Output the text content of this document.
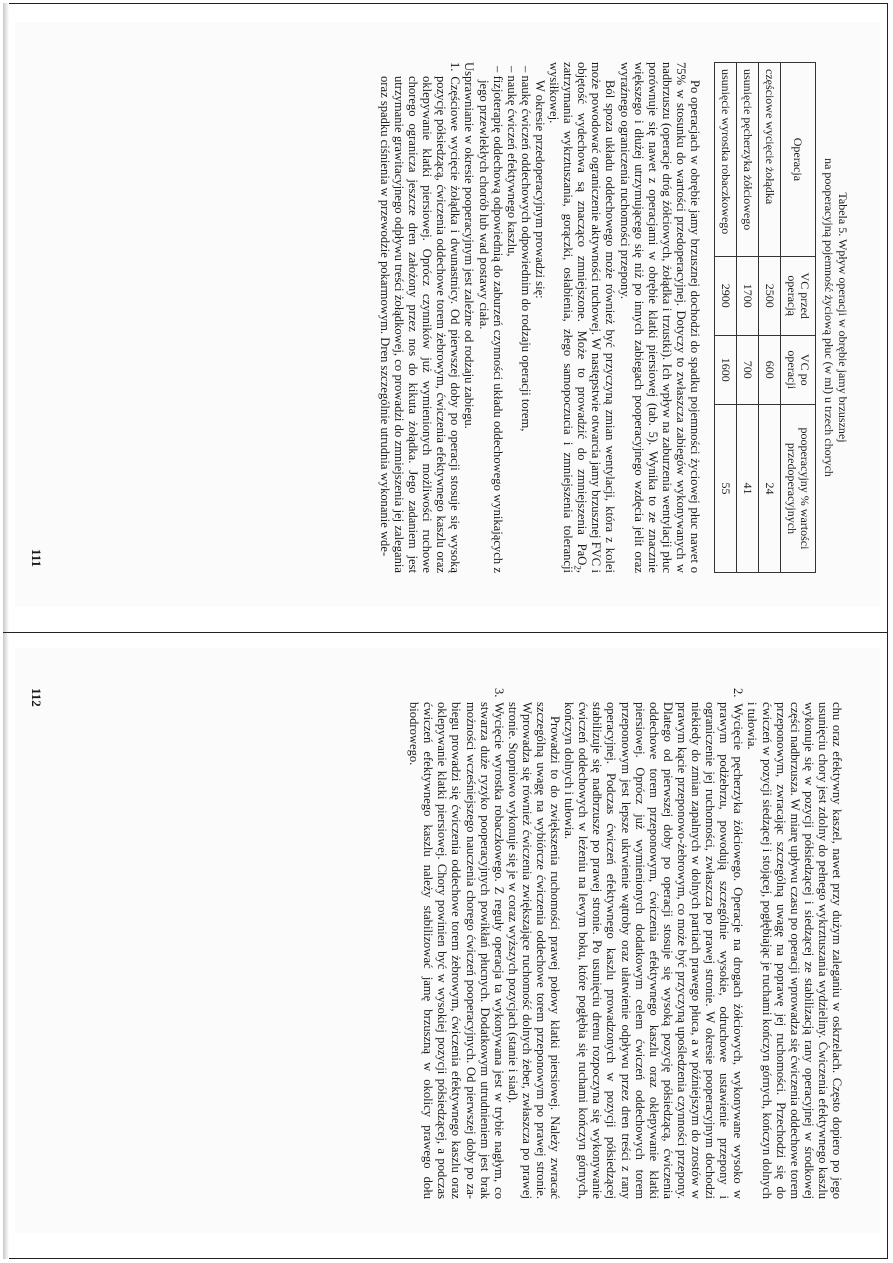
Tabela 5. Wpływ operacji w obrębie jamy brzusznej
na pooperacyjną pojemność życiową płuc (w ml) u trzech chorych

Operacja	VC przed operacją	VC po operacji	pooperacyjny % wartości przedoperacyjnych
częściowe wycięcie żołądka	2500	600	24
usunięcie pęcherzyka żółciowego	1700	700	41
usunięcie wyrostka robaczkowego	2900	1600	55

Po operacjach w obrębie jamy brzusznej dochodzi do spadku pojemności życiowej płuc nawet o 75% w stosunku do wartości przedoperacyjnej. Dotyczy to zwłaszcza zabiegów wykonywanych w nadbrzuszu (operacje dróg żółciowych, żołądka i trzustki). Ich wpływ na zaburzenia wentylacji płuc porównuje się nawet z operacjami w obrębie klatki piersiowej (tab. 5). Wynika to ze znacznie większego i dłużej utrzymującego się niż po innych zabiegach pooperacyjnego wzdęcia jelit oraz wyraźnego ograniczenia ruchomości przepony.

Ból spoza układu oddechowego może również być przyczyną zmian wentylacji, która z kolei może powodować ograniczenie aktywności ruchowej. W następstwie otwarcia jamy brzusznej FVC i objętość wydechowa są znacząco zmniejszone. Może to prowadzić do zmniejszenia PaO$_2$, zatrzymania wykrztuszania, gorączki, osłabienia, złego samopoczucia i zmniejszenia tolerancji wysiłkowej.

W okresie przedoperacyjnym prowadzi się:

– naukę ćwiczeń oddechowych odpowiednim do rodzaju operacji torem,
– naukę ćwiczeń efektywnego kaszlu,
– fizjoterapię oddechową odpowiednią do zaburzeń czynności układu oddechowego wynikających z jego przewlekłych chorób lub wad postawy ciała.

Usprawnianie w okresie pooperacyjnym jest zależne od rodzaju zabiegu.

1. Częściowe wycięcie żołądka i dwunastnicy. Od pierwszej doby po operacji stosuje się wysoką pozycję półsiedzącą, ćwiczenia oddechowe torem żebrowym, ćwiczenia efektywnego kaszlu oraz oklepywanie klatki piersiowej. Oprócz czynników już wymienionych możliwości ruchowe chorego ogranicza jeszcze dren założony przez nos do kikuta żołądka. Jego zadaniem jest utrzymanie grawitacyjnego odpływu treści żołądkowej, co prowadzi do zmniejszenia jej zalegania oraz spadku ciśnienia w przewodzie pokarmowym. Dren szczególnie utrudnia wykonanie wde-
111

chu oraz efektywny kaszel, nawet przy dużym zaleganiu w oskrzelach. Często dopiero po jego usunięciu chory jest zdolny do pełnego wykrztuszania wydzieliny. Ćwiczenia efektywnego kaszlu wykonuje się w pozycji półsiedzącej i siedzącej ze stabilizacją rany operacyjnej w środkowej części nadbrzusza. W miarę upływu czasu po operacji wprowadza się ćwiczenia oddechowe torem przeponowym, zwracając szczególną uwagę na poprawę jej ruchomości. Przechodzi się do ćwiczeń w pozycji siedzącej i stojącej, pogłębiając je ruchami kończyn górnych, kończyn dolnych i tułowia.

2. Wycięcie pęcherzyka żółciowego. Operacje na drogach żółciowych, wykonywane wysoko w prawym podżebrzu, powodują szczególnie wysokie, odruchowe ustawienie przepony i ograniczenie jej ruchomości, zwłaszcza po prawej stronie. W okresie pooperacyjnym dochodzi niekiedy do zmian zapalnych w dolnych partiach prawego płuca, a w późniejszym do zrostów w prawym kącie przeponowo-żebrowym, co może być przyczyną upośledzenia czynności przepony. Dlatego od pierwszej doby po operacji stosuje się wysoką pozycję półsiedzącą, ćwiczenia oddechowe torem przeponowym, ćwiczenia efektywnego kaszlu oraz oklepywanie klatki piersiowej. Oprócz już wymienionych dodatkowym celem ćwiczeń oddechowych torem przeponowym jest lepsze ukrwienie wątroby oraz ułatwienie odpływu przez dren treści z rany operacyjnej. Podczas ćwiczeń efektywnego kaszlu prowadzonych w pozycji półsiedzącej stabilizuje się nadbrzusze po prawej stronie. Po usunięciu drenu rozpoczyna się wykonywanie ćwiczeń oddechowych w leżeniu na lewym boku, które pogłębia się ruchami kończyn górnych, kończyn dolnych i tułowia.

Prowadzi to do zwiększenia ruchomości prawej połowy klatki piersiowej. Należy zwracać szczególną uwagę na wybiórcze ćwiczenia oddechowe torem przeponowym po prawej stronie. Wprowadza się również ćwiczenia zwiększające ruchomość dolnych żeber, zwłaszcza po prawej stronie. Stopniowo wykonuje się je w coraz wyższych pozycjach (stanie i siad).

3. Wycięcie wyrostka robaczkowego. Z reguły operacja ta wykonywana jest w trybie nagłym, co stwarza duże ryzyko pooperacyjnych powikłań płucnych. Dodatkowym utrudnieniem jest brak możności wcześniejszego nauczenia chorego ćwiczeń pooperacyjnych. Od pierwszej doby po zabiegu prowadzi się ćwiczenia oddechowe torem żebrowym, ćwiczenia efektywnego kaszlu oraz oklepywanie klatki piersiowej. Chory powinien być w wysokiej pozycji półsiedzącej, a podczas ćwiczeń efektywnego kaszlu należy stabilizować jamę brzuszną w okolicy prawego dołu biodrowego.
112
